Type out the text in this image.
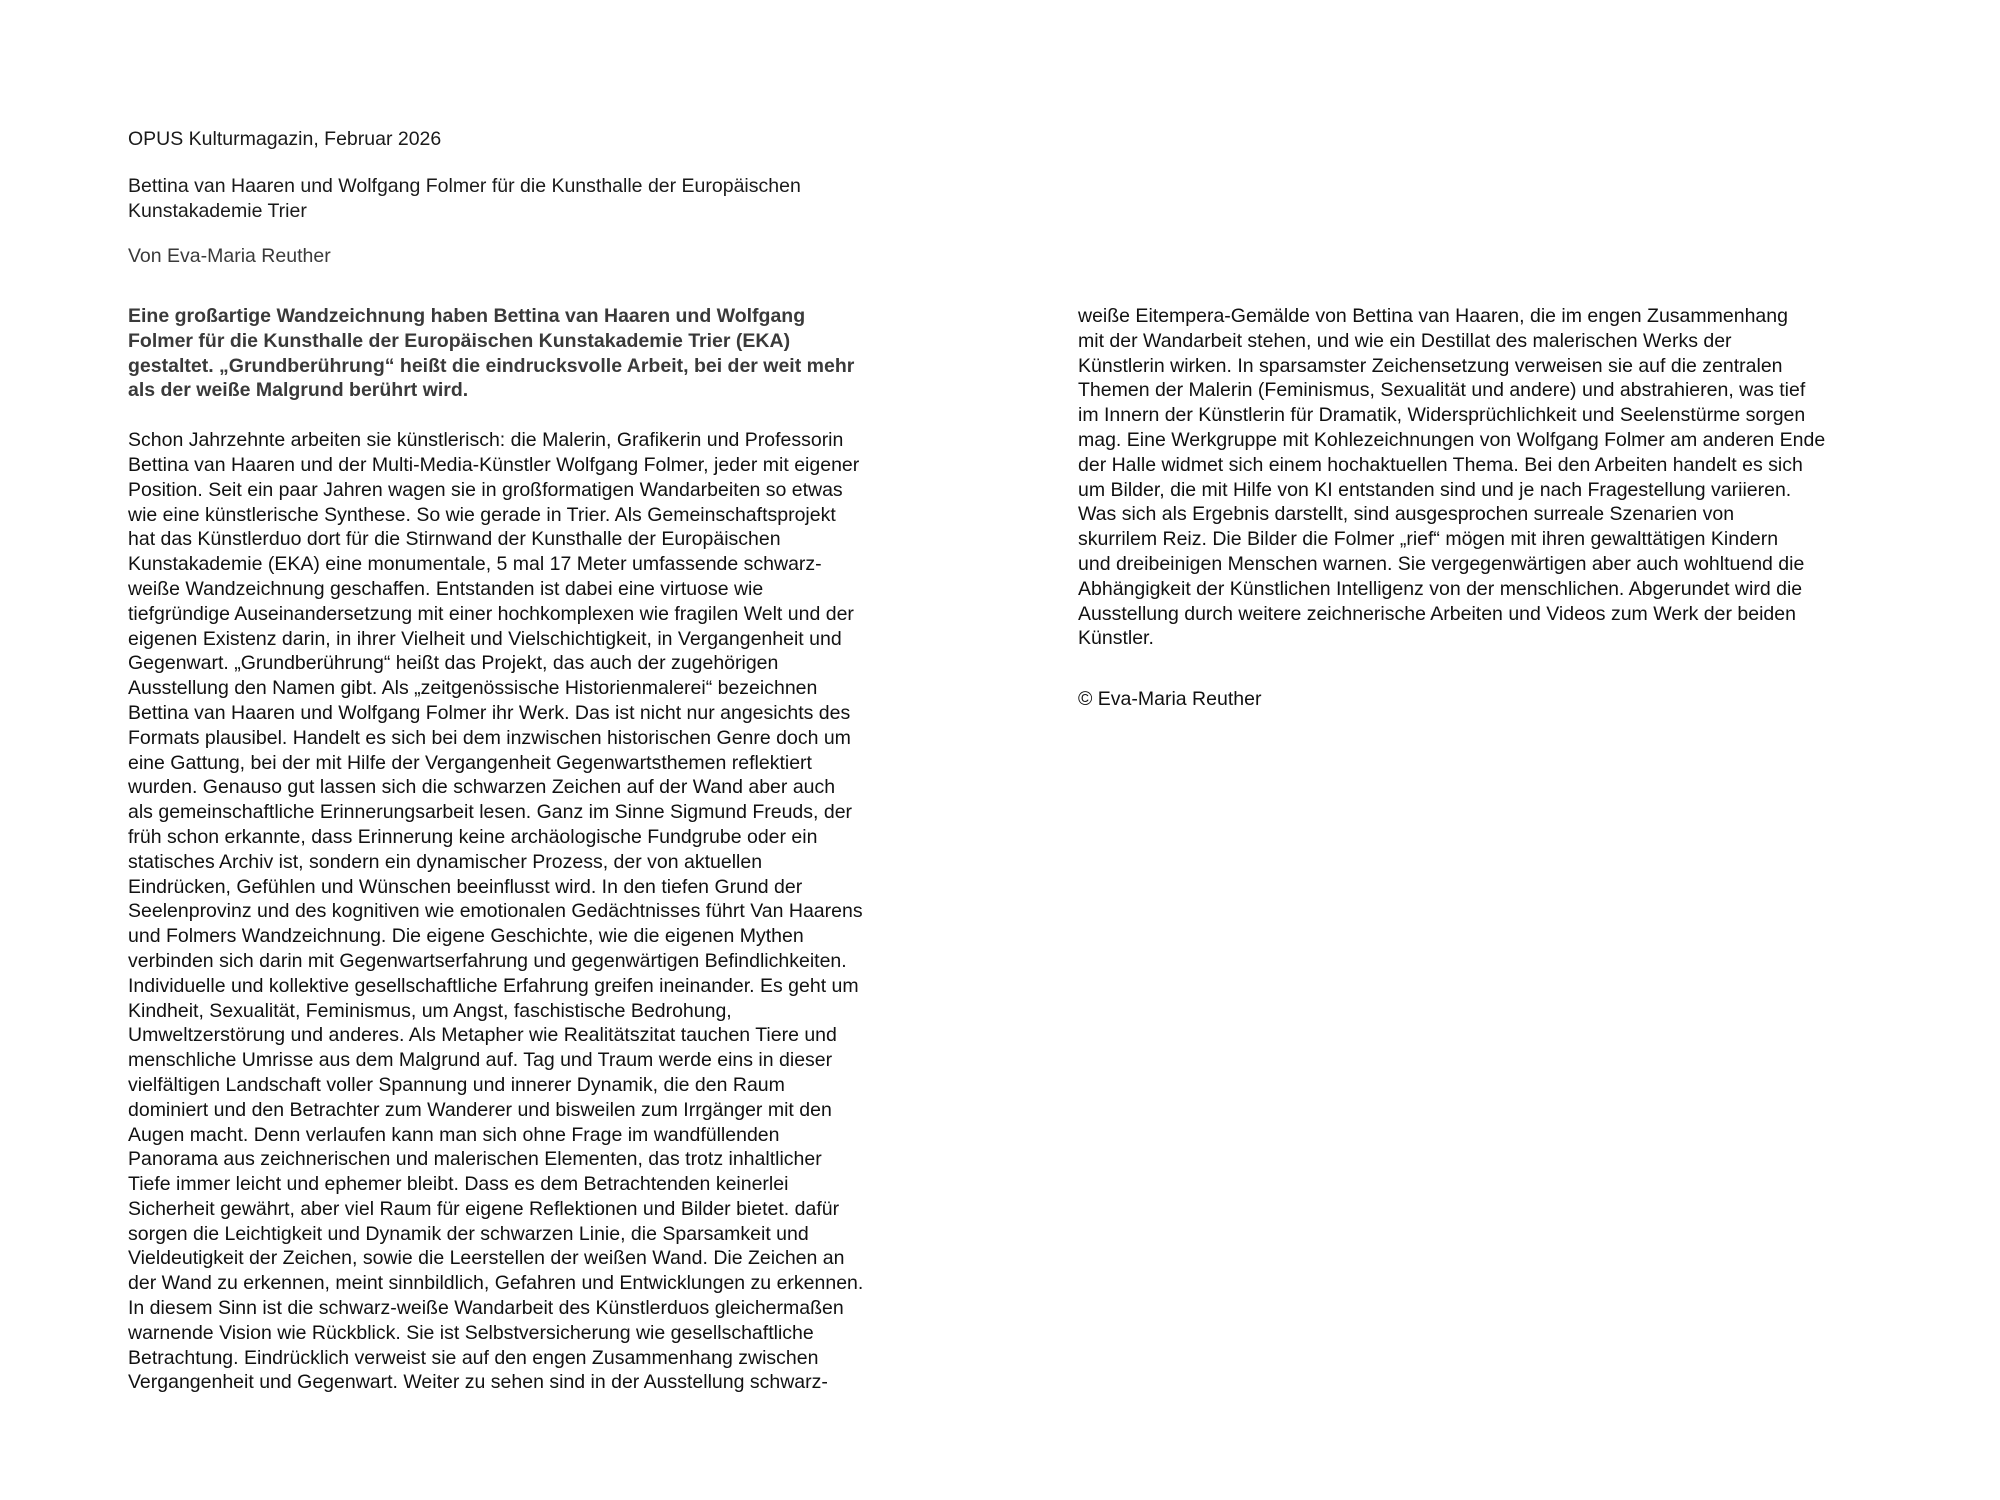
OPUS Kulturmagazin, Februar 2026
Bettina van Haaren und Wolfgang Folmer für die Kunsthalle der Europäischen
Kunstakademie Trier
Von Eva-Maria Reuther
Eine großartige Wandzeichnung haben Bettina van Haaren und Wolfgang
Folmer für die Kunsthalle der Europäischen Kunstakademie Trier (EKA)
gestaltet. „Grundberührung“ heißt die eindrucksvolle Arbeit, bei der weit mehr
als der weiße Malgrund berührt wird.
Schon Jahrzehnte arbeiten sie künstlerisch: die Malerin, Grafikerin und Professorin
Bettina van Haaren und der Multi-Media-Künstler Wolfgang Folmer, jeder mit eigener
Position. Seit ein paar Jahren wagen sie in großformatigen Wandarbeiten so etwas
wie eine künstlerische Synthese. So wie gerade in Trier. Als Gemeinschaftsprojekt
hat das Künstlerduo dort für die Stirnwand der Kunsthalle der Europäischen
Kunstakademie (EKA) eine monumentale, 5 mal 17 Meter umfassende schwarz-
weiße Wandzeichnung geschaffen. Entstanden ist dabei eine virtuose wie
tiefgründige Auseinandersetzung mit einer hochkomplexen wie fragilen Welt und der
eigenen Existenz darin, in ihrer Vielheit und Vielschichtigkeit, in Vergangenheit und
Gegenwart. „Grundberührung“ heißt das Projekt, das auch der zugehörigen
Ausstellung den Namen gibt. Als „zeitgenössische Historienmalerei“ bezeichnen
Bettina van Haaren und Wolfgang Folmer ihr Werk. Das ist nicht nur angesichts des
Formats plausibel. Handelt es sich bei dem inzwischen historischen Genre doch um
eine Gattung, bei der mit Hilfe der Vergangenheit Gegenwartsthemen reflektiert
wurden. Genauso gut lassen sich die schwarzen Zeichen auf der Wand aber auch
als gemeinschaftliche Erinnerungsarbeit lesen. Ganz im Sinne Sigmund Freuds, der
früh schon erkannte, dass Erinnerung keine archäologische Fundgrube oder ein
statisches Archiv ist, sondern ein dynamischer Prozess, der von aktuellen
Eindrücken, Gefühlen und Wünschen beeinflusst wird. In den tiefen Grund der
Seelenprovinz und des kognitiven wie emotionalen Gedächtnisses führt Van Haarens
und Folmers Wandzeichnung. Die eigene Geschichte, wie die eigenen Mythen
verbinden sich darin mit Gegenwartserfahrung und gegenwärtigen Befindlichkeiten.
Individuelle und kollektive gesellschaftliche Erfahrung greifen ineinander. Es geht um
Kindheit, Sexualität, Feminismus, um Angst, faschistische Bedrohung,
Umweltzerstörung und anderes. Als Metapher wie Realitätszitat tauchen Tiere und
menschliche Umrisse aus dem Malgrund auf. Tag und Traum werde eins in dieser
vielfältigen Landschaft voller Spannung und innerer Dynamik, die den Raum
dominiert und den Betrachter zum Wanderer und bisweilen zum Irrgänger mit den
Augen macht. Denn verlaufen kann man sich ohne Frage im wandfüllenden
Panorama aus zeichnerischen und malerischen Elementen, das trotz inhaltlicher
Tiefe immer leicht und ephemer bleibt. Dass es dem Betrachtenden keinerlei
Sicherheit gewährt, aber viel Raum für eigene Reflektionen und Bilder bietet. dafür
sorgen die Leichtigkeit und Dynamik der schwarzen Linie, die Sparsamkeit und
Vieldeutigkeit der Zeichen, sowie die Leerstellen der weißen Wand. Die Zeichen an
der Wand zu erkennen, meint sinnbildlich, Gefahren und Entwicklungen zu erkennen.
In diesem Sinn ist die schwarz-weiße Wandarbeit des Künstlerduos gleichermaßen
warnende Vision wie Rückblick. Sie ist Selbstversicherung wie gesellschaftliche
Betrachtung. Eindrücklich verweist sie auf den engen Zusammenhang zwischen
Vergangenheit und Gegenwart. Weiter zu sehen sind in der Ausstellung schwarz-
weiße Eitempera-Gemälde von Bettina van Haaren, die im engen Zusammenhang
mit der Wandarbeit stehen, und wie ein Destillat des malerischen Werks der
Künstlerin wirken. In sparsamster Zeichensetzung verweisen sie auf die zentralen
Themen der Malerin (Feminismus, Sexualität und andere) und abstrahieren, was tief
im Innern der Künstlerin für Dramatik, Widersprüchlichkeit und Seelenstürme sorgen
mag. Eine Werkgruppe mit Kohlezeichnungen von Wolfgang Folmer am anderen Ende
der Halle widmet sich einem hochaktuellen Thema. Bei den Arbeiten handelt es sich
um Bilder, die mit Hilfe von KI entstanden sind und je nach Fragestellung variieren.
Was sich als Ergebnis darstellt, sind ausgesprochen surreale Szenarien von
skurrilem Reiz. Die Bilder die Folmer „rief“ mögen mit ihren gewalttätigen Kindern
und dreibeinigen Menschen warnen. Sie vergegenwärtigen aber auch wohltuend die
Abhängigkeit der Künstlichen Intelligenz von der menschlichen. Abgerundet wird die
Ausstellung durch weitere zeichnerische Arbeiten und Videos zum Werk der beiden
Künstler.
© Eva-Maria Reuther
